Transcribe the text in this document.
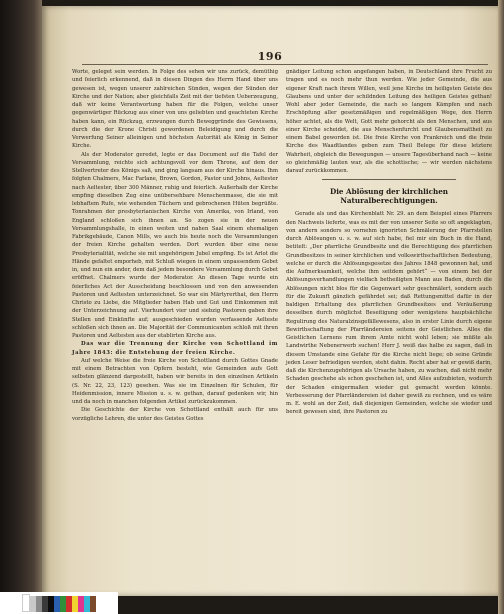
196

Worte, geleget sein werden. In Folge des sehen wir uns zurück, demüthig und feierlich erkennend, daß in diesen Dingen des Herrn Hand über uns gewesen ist, wegen unserer zahlreichen Sünden, wegen der Sünden der Kirche und der Nation; aber gleichfalls Zeit mit der tiefsten Ueberzeugung, daß wir keine Verantwortung haben für die Folgen, welche unser gegenwärtiger Rückzug aus einer von uns geliebten und geachteten Kirche haben kann, ein Rückzug, erzwungen durch Beweggründe des Gewissens, durch die der Krone Christi gewordenen Beleidigung und durch die Verwerfung Seiner alleinigen und höchsten Autorität als König in Seiner Kirche.

Als der Moderator geredet, legte er das Document auf die Tafel der Versammlung, reichte sich achtungsvoll vor dem Throne, auf dem der Stellvertreter des Königs saß, und ging langsam aus der Kirche hinaus. Ihm folgten Chalmers, Mac Farlane, Brown, Gordon, Pastor und Johns, Aeltester nach Aeltester, über 300 Männer, ruhig und feierlich. Außerhalb der Kirche empfing dieselben Zug eine unübersehbare Menschenmasse, die sie mit lebhaftem Rufe, wie wehenden Tüchern und gebrochenen Hüten begrüßte. Tonrahmen der presbyterianischen Kirche von Amerika, von Irland, von England schloßen sich ihnen an. So zogen sie in der neuen Versammlungshalle, in einen weiten und nahen Saal einem ehemaligen Fabrikgebäude, Canon Mills, wo auch bis heute noch die Versammlungen der freien Kirche gehalten werden. Dort wurden über eine neue Presbyterialität, welche sie mit ungehörigem Jubel empfing. Es ist Arlot die Hände gefaltet emporheb, mit Schluß wiegen in einem unpassendem Gebet in, und nun ein ander, dem daß jedem besondere Versammlung durch Gebet eröffnet. Chalmers wurde der Moderator. An diesen Tage wurde ein feierliches Act der Ausscheidung beschlossen und von den anwesenden Pastoren und Aeltesten unterzeichnet. So war ein Märtyrerthat, den Herrn Christo zu Liebe, die Mitglieder haben Hab und Gut und Einkommen mit der Unterzeichnung auf. Vierhundert vier und siebzig Pastoren gaben ihre Stellen und Einkünfte auf; ausgeschieden wurden verfassende Aelteste schloßen sich ihnen an. Die Majorität der Communicanten schloß mit ihren Pastoren und Aeltesten aus der etablirten Kirche aus.

Das war die Trennung der Kirche von Schottland im Jahre 1843: die Entstehung der freien Kirche.

Auf welche Weise die freie Kirche von Schottland durch Gottes Gnade mit einem Betrachten von Opfern besteht, wie Gemeinden aufs Gott selbsten glänzend dargestellt, haben wir bereits in den einzelnen Artikeln (S. Nr. 22, 23, 123) gesehen. Was sie im Einzelnen für Schulen, für Heidenmission, innere Mission u. s. w. gethan, darauf gedenken wir, hin und da noch in manchen folgenden Artikel zurückzukommen.

Die Geschichte der Kirche von Schottland enthält auch für uns vorzügliche Lehren, die unter des Geistes Gottes

gnädiger Leitung schon angefangen haben, in Deutschland ihre Frucht zu tragen und es noch mehr thun werden. Wie jeder Gemeinde, die aus eigener Kraft nach ihrem Willen, weil jene Kirche im heiligsten Geiste des Glaubens und unter der schildnden Leitung des heiligen Geistes gethan! Wohl aber jeder Gemeinde, die nach so langem Kämpfen und nach Erschöpfung aller gesetzmäßigen und regelmäßigen Wege, den Herrn höher achtet, als die Welt, Gott mehr gehorcht als den Menschen, und aus einer Kirche scheidet, die aus Menschenfurcht und Glaubensmattheit zu einem Babel geworden ist. Die freie Kirche von Frankreich und die freie Kirche des Waadtlandes geben zum Theil Belege für diese letztere Wahrheit, obgleich die Bewegungen — unsere Tagesüberhand nach — keine so gleichmäßig lauten war, als die schottische; — wir werden nächstens darauf zurückkommen.

Die Ablösung der kirchlichen Naturalberechtigungen.

Gerade als und das Kirchenblatt Nr. 29. an dem Beispiel eines Pfarrers den Nachweis lieferte, was es mit der von unserer Seite so oft angeklagten, von andern sonders so vornehm ignorirten Schmälerung der Pfarrstellen durch Ablösungen u. s. w. auf sich habe, fiel mir ein Buch in die Hand, betitelt: „Der pfarrliche Grundbesitz und die Berechtigung des pfarrlichen Grundbesitzes in seiner kirchlichen und volkswirthschaftlichen Bedeutung, welche er durch die Ablösungsgesetze des Jahres 1848 gewonnen hat, und die Aufmerksamkeit, welche ihm seitdem gehört“ — von einem bei der Ablösungsverhandlungen vielfach betheiligten Mann aus Baden, durch die Ablösungen nicht blos für die Gegenwart sehr geschmälert, sondern auch für die Zukunft gänzlich gefährdet sei; daß Rettungsmittel dafür in der baldigen Erhaltung des pfarrlichen Grundbesitzes und Veräußerung desselben durch möglichst Beseitigung oder wenigstens hauptsächliche Regulirung des Naturalzinsgefällewesens, also in erster Linie durch eigene Bewirthschaftung der Pfarrländereien seitens der Geistlichen. Alles die Geistlichen Lernens rum ihrem Amte nicht wohl leben; sie müßte als Landwirthe Nebenerwerb suchen! Herr J. weiß das halbe zu sagen, daß in diesem Umstande eine Gefahr für die Kirche nicht liege; ob seine Gründe jeden Leser befriedigen werden, steht dahin. Recht aber hat er gewiß darin, daß die Kirchenzugehörigen als Ursache haben, zu wachen, daß nicht mehr Schaden geschehe als schon geschehen ist, und Alles aufzubieten, wodurch der Schaden einigermaßen wieder gut gemacht werden könnte. Verbesserung der Pfarrländereien ist daher gewiß zu rechnen, und es wäre m. E. wohl an der Zeit, daß diejenigen Gemeinden, welche sie wieder und bereit gewesen sind, ihre Pastoren zu
